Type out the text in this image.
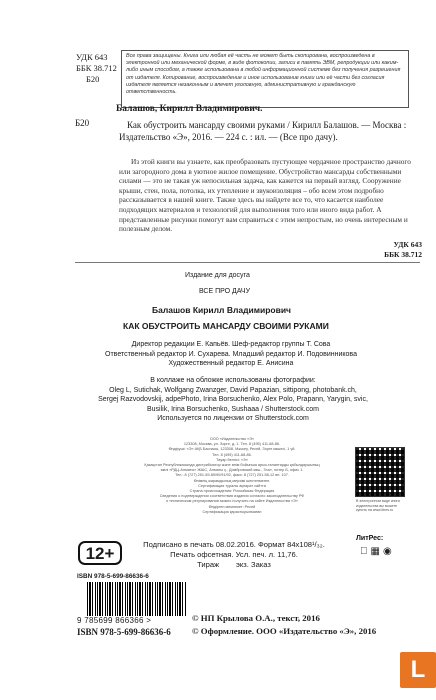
УДК 643
ББК 38.712
Б20
Все права защищены. Книга или любая её часть не может быть скопирована, воспроизведена в электронной или механической форме, в виде фотокопии, записи в память ЭВМ, репродукции или каким-либо иным способом, а также использована в любой информационной системе без получения разрешения от издателя. Копирование, воспроизведение и иное использование книги или её части без согласия издателя является незаконным и влечет уголовную, административную и гражданскую ответственность.
Балашов, Кирилл Владимирович.
Б20	Как обустроить мансарду своими руками / Кирилл Балашов. — Москва : Издательство «Э», 2016. — 224 с. : ил. — (Все про дачу).
Из этой книги вы узнаете, как преобразовать пустующее чердачное пространство дачного или загородного дома в уютное жилое помещение. Обустройство мансарды собственными силами — это не такая уж непосильная задача, как кажется на первый взгляд. Сооружение крыши, стен, пола, потолка, их утепление и звукоизоляция – обо всем этом подробно рассказывается в нашей книге. Также здесь вы найдете все то, что касается наиболее подходящих материалов и технологий для выполнения того или иного вида работ. А представленные рисунки помогут вам справиться с этим непростым, но очень интересным и полезным делом.
УДК 643
ББК 38.712
Издание для досуга
ВСЕ ПРО ДАЧУ
Балашов Кирилл Владимирович
КАК ОБУСТРОИТЬ МАНСАРДУ СВОИМИ РУКАМИ
Директор редакции Е. Капьёв. Шеф-редактор группы Т. Сова
Ответственный редактор И. Сухарева. Младший редактор И. Подовинникова
Художественный редактор Е. Анисина
В коллаже на обложке использованы фотографии:
Oleg L, Sutichak, Wolfgang Zwanzger, David Papazian, sittipong, photobank.ch,
Sergej Razvodovskij, adpePhoto, Irina Borsuchenko, Alex Polo, Prapann, Yarygin, svic,
Busilik, Irina Borsuchenko, Sushaaa / Shutterstock.com
Используется по лицензии от Shutterstock.com
ООО «Издательство «Э»
123308, Москва, ул. Зорге, д. 1. Тел. 8 (495) 411-68-86.
Өндіруші: «Э» АҚБ Баспасы, 123308, Мәскеу, Ресей, Зорге көшесі, 1 үй.
Тел. 8 (495) 411-68-86.
Тауар белгісі: «Э»
Қазақстан Республикасында дистрибьютор және өнім бойынша арыз-талаптарды қабылдаушының
өкілі «РДЦ-Алматы» ЖШС, Алматы қ., Домбровский көш., 3«а», литер Б, офис 1.
Тел.: 8 (727) 251-59-89/90/91/92, факс: 8 (727) 251-58-12 вн. 107.
Өнімнің жарамдылық мерзімі шектелмеген.
Сертификация туралы ақпарат сайтта
Страна происхождения: Российская Федерация
Сведения о подтверждении соответствия издания согласно законодательству РФ
о техническом регулировании можно получить на сайте Издательства «Э»
Өндірген мемлекет: Ресей
Сертификация қарастырылмаған
В электронном виде книги издательства вы можете купить на www.litres.ru
ЛитРес:
▦◉
12+	Подписано в печать 08.02.2016. Формат 84x108¹/₃₂.
Печать офсетная. Усл. печ. л. 11,76.
Тираж        экз. Заказ
ISBN 978-5-699-86636-6
9 785699 866366 >
ISBN 978-5-699-86636-6
© НП Крылова О.А., текст, 2016
© Оформление. ООО «Издательство «Э», 2016
L
